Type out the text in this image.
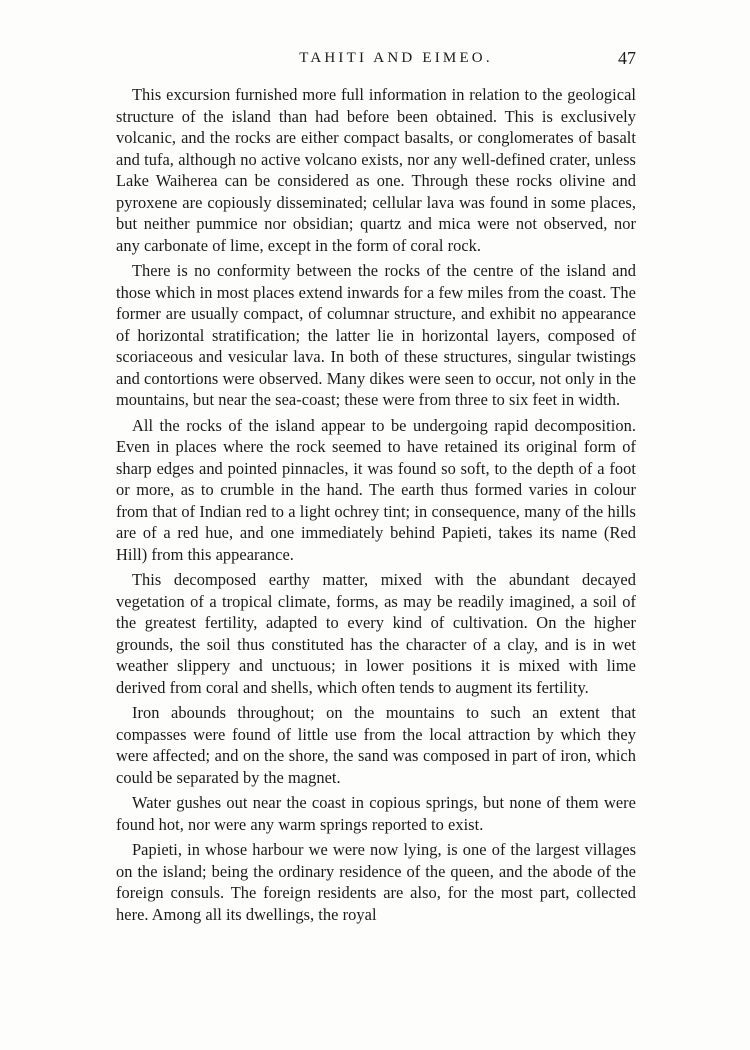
TAHITI AND EIMEO.	47

This excursion furnished more full information in relation to the geological structure of the island than had before been obtained. This is exclusively volcanic, and the rocks are either compact basalts, or conglomerates of basalt and tufa, although no active volcano exists, nor any well-defined crater, unless Lake Waiherea can be considered as one. Through these rocks olivine and pyroxene are copiously disseminated; cellular lava was found in some places, but neither pummice nor obsidian; quartz and mica were not observed, nor any carbonate of lime, except in the form of coral rock.

There is no conformity between the rocks of the centre of the island and those which in most places extend inwards for a few miles from the coast. The former are usually compact, of columnar structure, and exhibit no appearance of horizontal stratification; the latter lie in horizontal layers, composed of scoriaceous and vesicular lava. In both of these structures, singular twistings and contortions were observed. Many dikes were seen to occur, not only in the mountains, but near the sea-coast; these were from three to six feet in width.

All the rocks of the island appear to be undergoing rapid decomposition. Even in places where the rock seemed to have retained its original form of sharp edges and pointed pinnacles, it was found so soft, to the depth of a foot or more, as to crumble in the hand. The earth thus formed varies in colour from that of Indian red to a light ochrey tint; in consequence, many of the hills are of a red hue, and one immediately behind Papieti, takes its name (Red Hill) from this appearance.

This decomposed earthy matter, mixed with the abundant decayed vegetation of a tropical climate, forms, as may be readily imagined, a soil of the greatest fertility, adapted to every kind of cultivation. On the higher grounds, the soil thus constituted has the character of a clay, and is in wet weather slippery and unctuous; in lower positions it is mixed with lime derived from coral and shells, which often tends to augment its fertility.

Iron abounds throughout; on the mountains to such an extent that compasses were found of little use from the local attraction by which they were affected; and on the shore, the sand was composed in part of iron, which could be separated by the magnet.

Water gushes out near the coast in copious springs, but none of them were found hot, nor were any warm springs reported to exist.

Papieti, in whose harbour we were now lying, is one of the largest villages on the island; being the ordinary residence of the queen, and the abode of the foreign consuls. The foreign residents are also, for the most part, collected here. Among all its dwellings, the royal
